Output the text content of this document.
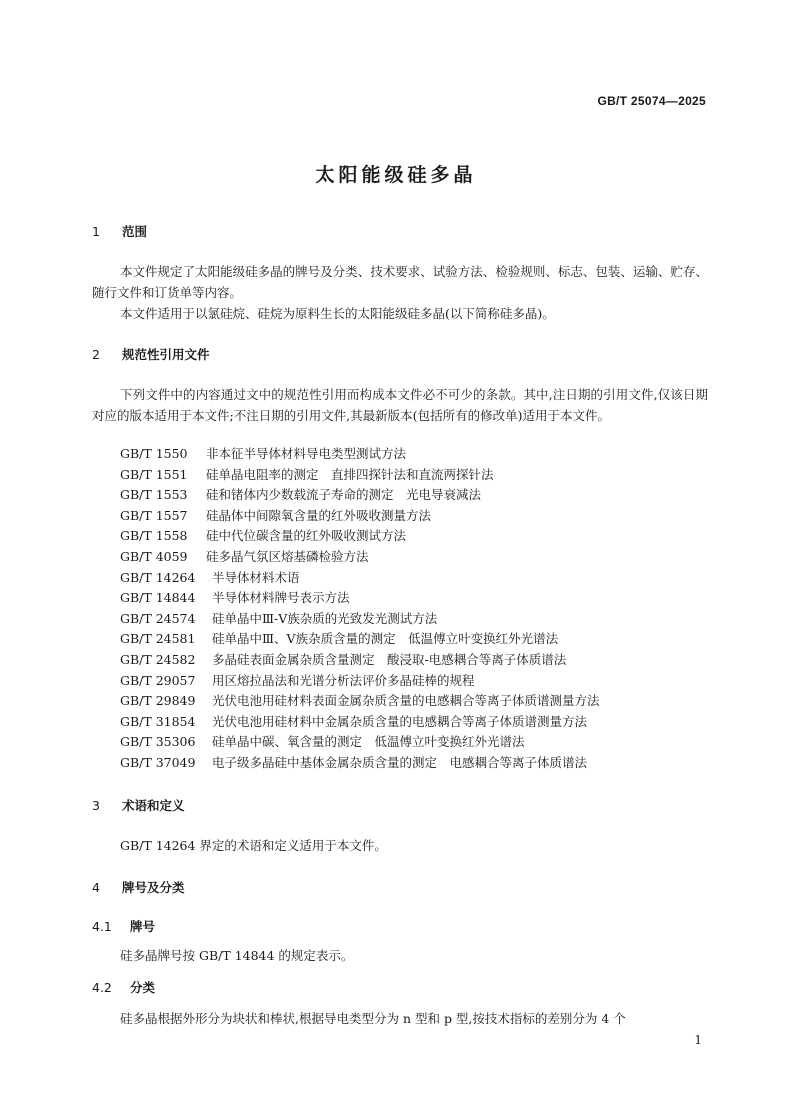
GB/T 25074—2025
太阳能级硅多晶
1 范围
本文件规定了太阳能级硅多晶的牌号及分类、技术要求、试验方法、检验规则、标志、包装、运输、贮存、随行文件和订货单等内容。
本文件适用于以氯硅烷、硅烷为原料生长的太阳能级硅多晶(以下简称硅多晶)。
2 规范性引用文件
下列文件中的内容通过文中的规范性引用而构成本文件必不可少的条款。其中,注日期的引用文件,仅该日期对应的版本适用于本文件;不注日期的引用文件,其最新版本(包括所有的修改单)适用于本文件。
GB/T 1550 非本征半导体材料导电类型测试方法
GB/T 1551 硅单晶电阻率的测定　直排四探针法和直流两探针法
GB/T 1553 硅和锗体内少数载流子寿命的测定　光电导衰减法
GB/T 1557 硅晶体中间隙氧含量的红外吸收测量方法
GB/T 1558 硅中代位碳含量的红外吸收测试方法
GB/T 4059 硅多晶气氛区熔基磷检验方法
GB/T 14264 半导体材料术语
GB/T 14844 半导体材料牌号表示方法
GB/T 24574 硅单晶中Ⅲ-Ⅴ族杂质的光致发光测试方法
GB/T 24581 硅单晶中Ⅲ、Ⅴ族杂质含量的测定　低温傅立叶变换红外光谱法
GB/T 24582 多晶硅表面金属杂质含量测定　酸浸取-电感耦合等离子体质谱法
GB/T 29057 用区熔拉晶法和光谱分析法评价多晶硅棒的规程
GB/T 29849 光伏电池用硅材料表面金属杂质含量的电感耦合等离子体质谱测量方法
GB/T 31854 光伏电池用硅材料中金属杂质含量的电感耦合等离子体质谱测量方法
GB/T 35306 硅单晶中碳、氧含量的测定　低温傅立叶变换红外光谱法
GB/T 37049 电子级多晶硅中基体金属杂质含量的测定　电感耦合等离子体质谱法
3 术语和定义
GB/T 14264 界定的术语和定义适用于本文件。
4 牌号及分类
4.1 牌号
硅多晶牌号按 GB/T 14844 的规定表示。
4.2 分类
硅多晶根据外形分为块状和棒状,根据导电类型分为 n 型和 p 型,按技术指标的差别分为 4 个
1
